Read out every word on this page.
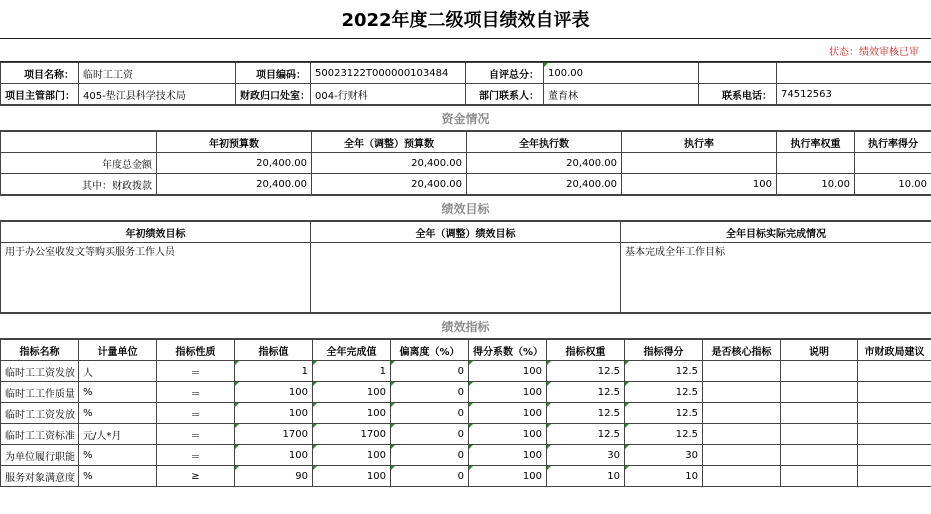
2022年度二级项目绩效自评表
状态：绩效审核已审
项目名称：	临时工工资	项目编码：	50023122T000000103484	自评总分：	100.00		
项目主管部门：	405-垫江县科学技术局	财政归口处室：	004-行财科	部门联系人：	董育林	联系电话：	74512563
资金情况
	年初预算数	全年（调整）预算数	全年执行数	执行率	执行率权重	执行率得分
年度总金额	20,400.00	20,400.00	20,400.00			
其中：财政拨款	20,400.00	20,400.00	20,400.00	100	10.00	10.00
绩效目标
年初绩效目标	全年（调整）绩效目标	全年目标实际完成情况
用于办公室收发文等购买服务工作人员		基本完成全年工作目标
绩效指标
指标名称	计量单位	指标性质	指标值	全年完成值	偏离度（%）	得分系数（%）	指标权重	指标得分	是否核心指标	说明	市财政局建议
临时工工资发放	人	＝	1	1	0	100	12.5	12.5			
临时工工作质量	%	＝	100	100	0	100	12.5	12.5			
临时工工资发放	%	＝	100	100	0	100	12.5	12.5			
临时工工资标准	元/人*月	＝	1700	1700	0	100	12.5	12.5			
为单位履行职能	%	＝	100	100	0	100	30	30			
服务对象满意度	%	≥	90	100	0	100	10	10			
